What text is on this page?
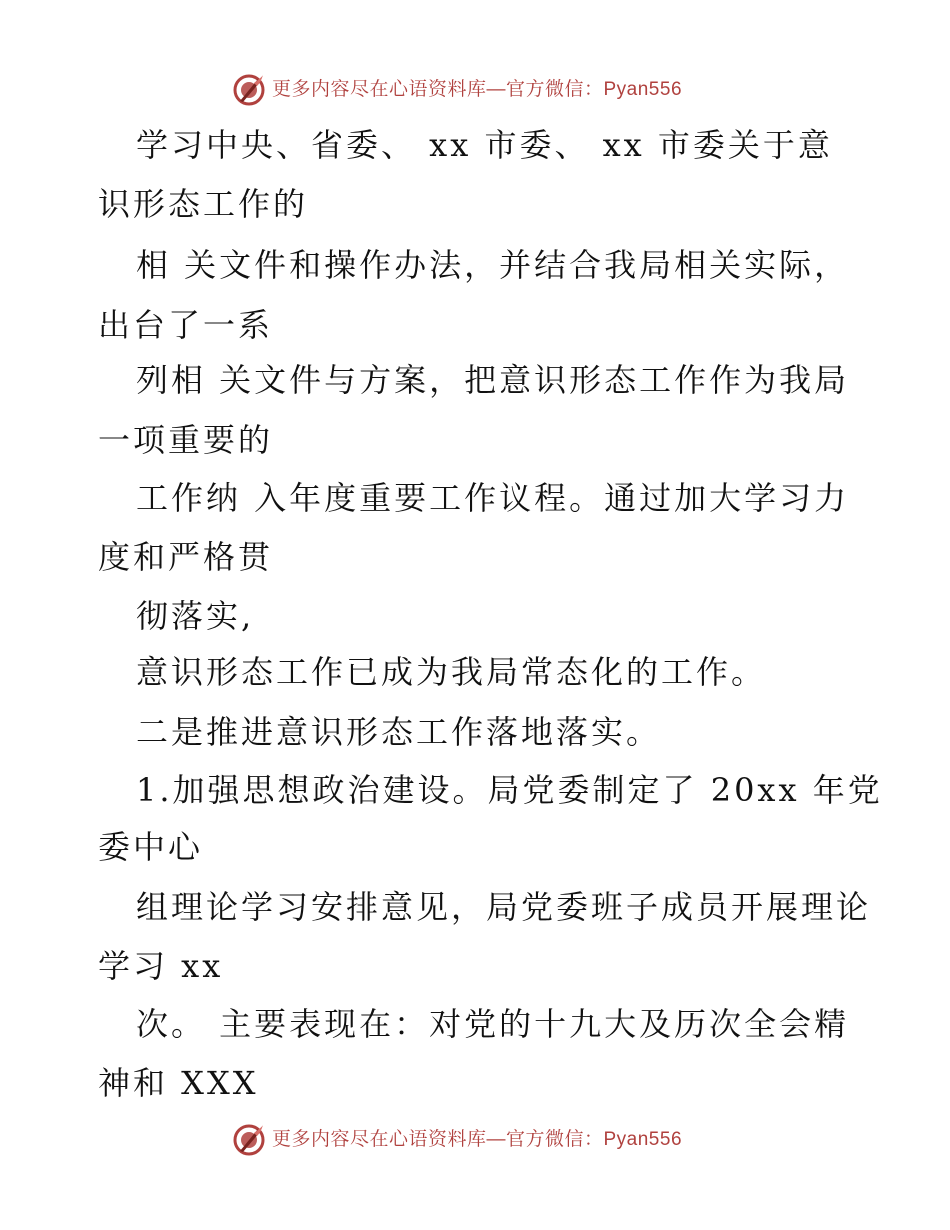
更多内容尽在心语资料库—官方微信：Pyan556
学习中央、省委、 xx 市委、 xx 市委关于意
识形态工作的
相 关文件和操作办法，并结合我局相关实际，
出台了一系
列相 关文件与方案，把意识形态工作作为我局
一项重要的
工作纳 入年度重要工作议程。通过加大学习力
度和严格贯
彻落实,
意识形态工作已成为我局常态化的工作。
二是推进意识形态工作落地落实。
1.加强思想政治建设。局党委制定了 20xx 年党
委中心
组理论学习安排意见，局党委班子成员开展理论
学习 xx
次。 主要表现在：对党的十九大及历次全会精
神和 XXX
更多内容尽在心语资料库—官方微信：Pyan556
